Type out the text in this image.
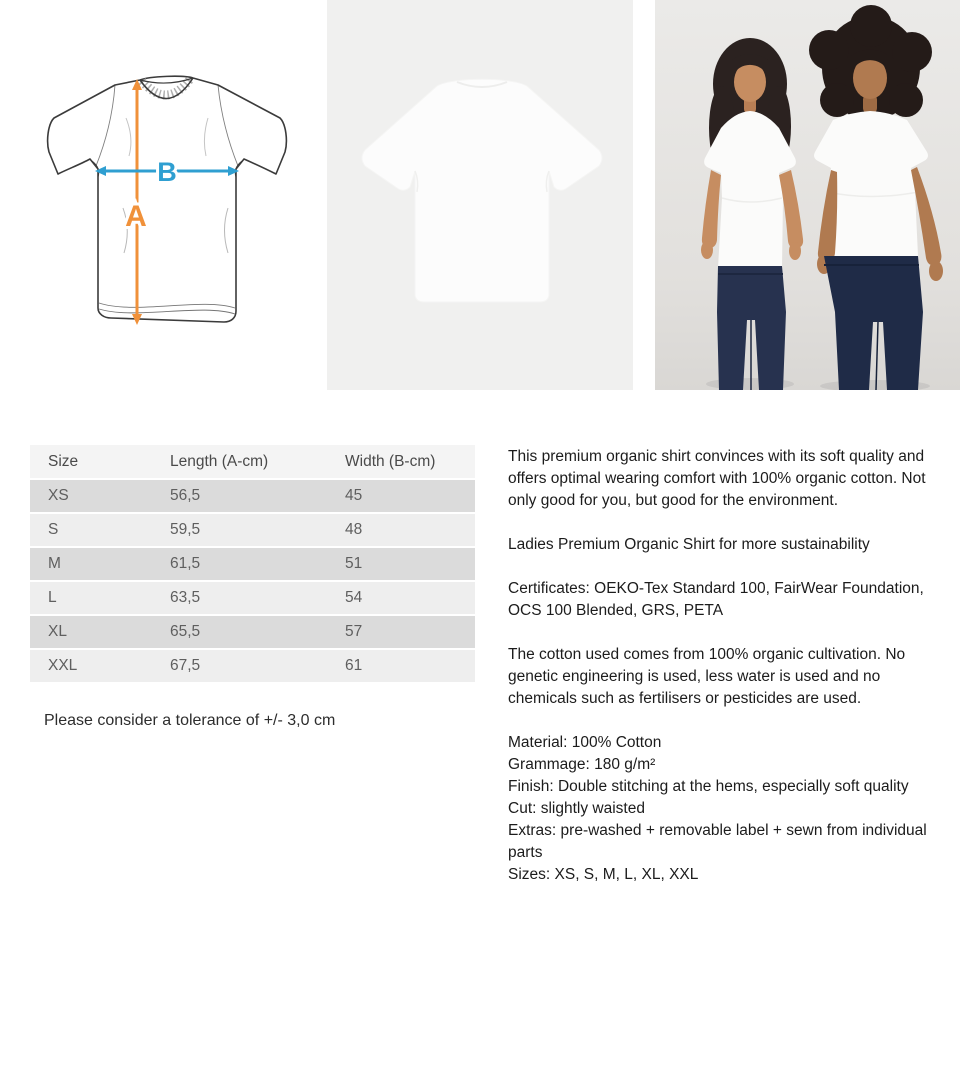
A
B
Size	Length (A-cm)	Width (B-cm)
XS	56,5	45
S	59,5	48
M	61,5	51
L	63,5	54
XL	65,5	57
XXL	67,5	61
Please consider a tolerance of +/- 3,0 cm

This premium organic shirt convinces with its soft quality and offers optimal wearing comfort with 100% organic cotton. Not only good for you, but good for the environment.

Ladies Premium Organic Shirt for more sustainability

Certificates: OEKO-Tex Standard 100, FairWear Foundation, OCS 100 Blended, GRS, PETA

The cotton used comes from 100% organic cultivation. No genetic engineering is used, less water is used and no chemicals such as fertilisers or pesticides are used.

Material: 100% Cotton
Grammage: 180 g/m²
Finish: Double stitching at the hems, especially soft quality
Cut: slightly waisted
Extras: pre-washed + removable label + sewn from individual parts
Sizes: XS, S, M, L, XL, XXL
